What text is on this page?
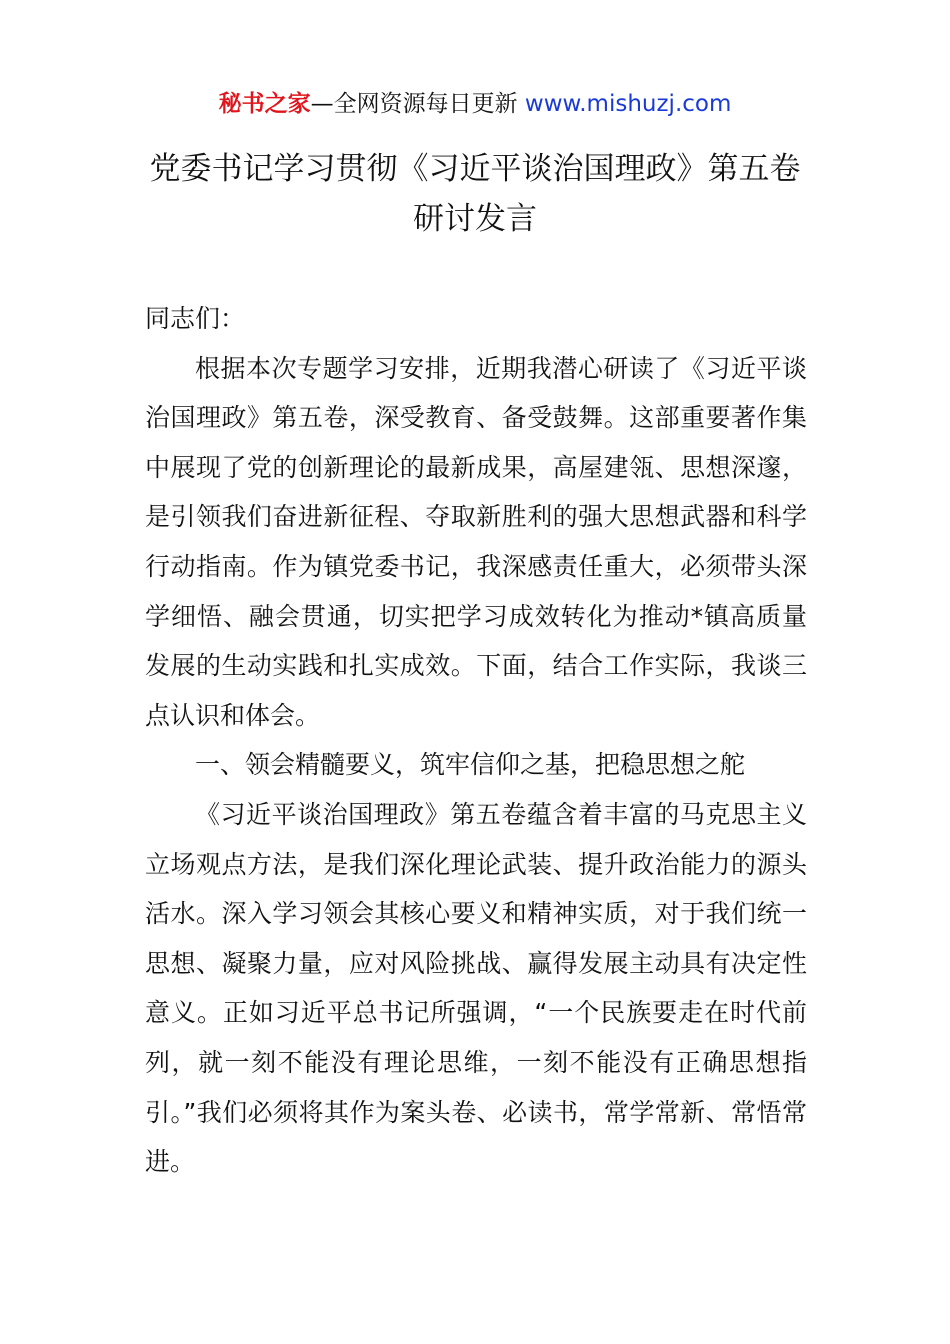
秘书之家—全网资源每日更新 www.mishuzj.com
党委书记学习贯彻《习近平谈治国理政》第五卷研讨发言

同志们：

根据本次专题学习安排，近期我潜心研读了《习近平谈治国理政》第五卷，深受教育、备受鼓舞。这部重要著作集中展现了党的创新理论的最新成果，高屋建瓴、思想深邃，是引领我们奋进新征程、夺取新胜利的强大思想武器和科学行动指南。作为镇党委书记，我深感责任重大，必须带头深学细悟、融会贯通，切实把学习成效转化为推动*镇高质量发展的生动实践和扎实成效。下面，结合工作实际，我谈三点认识和体会。

一、领会精髓要义，筑牢信仰之基，把稳思想之舵

《习近平谈治国理政》第五卷蕴含着丰富的马克思主义立场观点方法，是我们深化理论武装、提升政治能力的源头活水。深入学习领会其核心要义和精神实质，对于我们统一思想、凝聚力量，应对风险挑战、赢得发展主动具有决定性意义。正如习近平总书记所强调，“一个民族要走在时代前列，就一刻不能没有理论思维，一刻不能没有正确思想指引。”我们必须将其作为案头卷、必读书，常学常新、常悟常进。
